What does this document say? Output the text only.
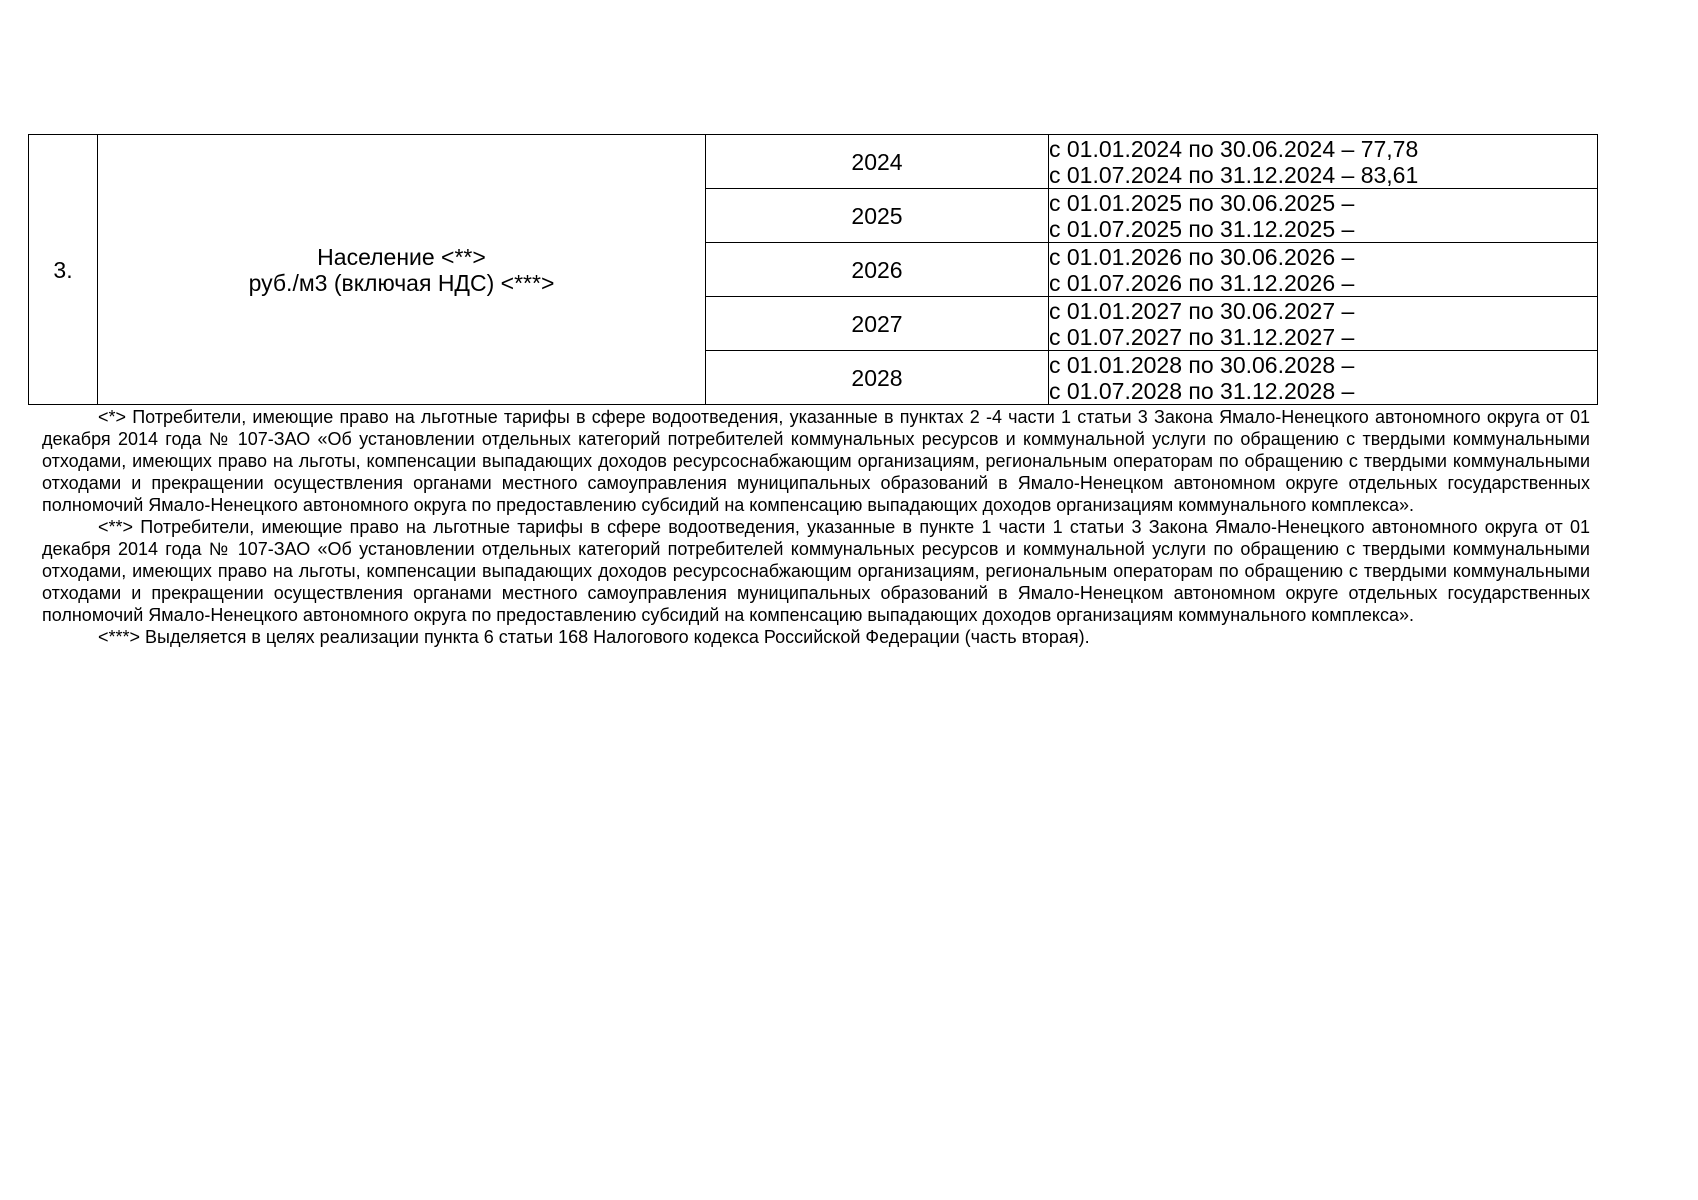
3.	Население <**>
руб./м3 (включая НДС) <***>	2024	с 01.01.2024 по 30.06.2024 – 77,78
с 01.07.2024 по 31.12.2024 – 83,61

		2025	с 01.01.2025 по 30.06.2025 –
с 01.07.2025 по 31.12.2025 –

		2026	с 01.01.2026 по 30.06.2026 –
с 01.07.2026 по 31.12.2026 –

		2027	с 01.01.2027 по 30.06.2027 –
с 01.07.2027 по 31.12.2027 –

		2028	с 01.01.2028 по 30.06.2028 –
с 01.07.2028 по 31.12.2028 –

<*> Потребители, имеющие право на льготные тарифы в сфере водоотведения, указанные в пунктах 2 -4 части 1 статьи 3 Закона Ямало-Ненецкого автономного округа от 01 декабря 2014 года № 107-ЗАО «Об установлении отдельных категорий потребителей коммунальных ресурсов и коммунальной услуги по обращению с твердыми коммунальными отходами, имеющих право на льготы, компенсации выпадающих доходов ресурсоснабжающим организациям, региональным операторам по обращению с твердыми коммунальными отходами и прекращении осуществления органами местного самоуправления муниципальных образований в Ямало-Ненецком автономном округе отдельных государственных полномочий Ямало-Ненецкого автономного округа по предоставлению субсидий на компенсацию выпадающих доходов организациям коммунального комплекса».

<**> Потребители, имеющие право на льготные тарифы в сфере водоотведения, указанные в пункте 1 части 1 статьи 3 Закона Ямало-Ненецкого автономного округа от 01 декабря 2014 года № 107-ЗАО «Об установлении отдельных категорий потребителей коммунальных ресурсов и коммунальной услуги по обращению с твердыми коммунальными отходами, имеющих право на льготы, компенсации выпадающих доходов ресурсоснабжающим организациям, региональным операторам по обращению с твердыми коммунальными отходами и прекращении осуществления органами местного самоуправления муниципальных образований в Ямало-Ненецком автономном округе отдельных государственных полномочий Ямало-Ненецкого автономного округа по предоставлению субсидий на компенсацию выпадающих доходов организациям коммунального комплекса».

<***> Выделяется в целях реализации пункта 6 статьи 168 Налогового кодекса Российской Федерации (часть вторая).
